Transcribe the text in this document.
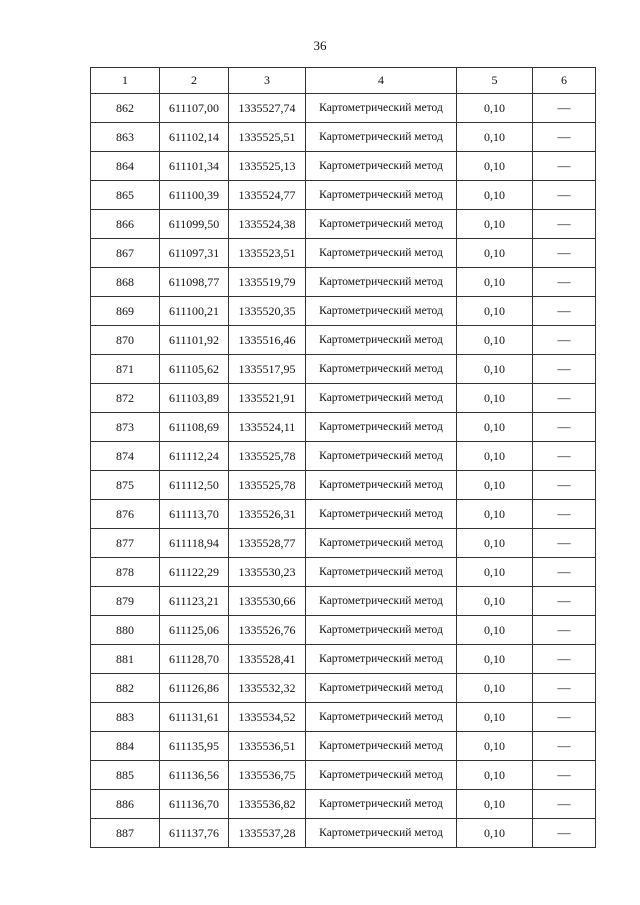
36
1	2	3	4	5	6
862	611107,00	1335527,74	Картометрический метод	0,10	—
863	611102,14	1335525,51	Картометрический метод	0,10	—
864	611101,34	1335525,13	Картометрический метод	0,10	—
865	611100,39	1335524,77	Картометрический метод	0,10	—
866	611099,50	1335524,38	Картометрический метод	0,10	—
867	611097,31	1335523,51	Картометрический метод	0,10	—
868	611098,77	1335519,79	Картометрический метод	0,10	—
869	611100,21	1335520,35	Картометрический метод	0,10	—
870	611101,92	1335516,46	Картометрический метод	0,10	—
871	611105,62	1335517,95	Картометрический метод	0,10	—
872	611103,89	1335521,91	Картометрический метод	0,10	—
873	611108,69	1335524,11	Картометрический метод	0,10	—
874	611112,24	1335525,78	Картометрический метод	0,10	—
875	611112,50	1335525,78	Картометрический метод	0,10	—
876	611113,70	1335526,31	Картометрический метод	0,10	—
877	611118,94	1335528,77	Картометрический метод	0,10	—
878	611122,29	1335530,23	Картометрический метод	0,10	—
879	611123,21	1335530,66	Картометрический метод	0,10	—
880	611125,06	1335526,76	Картометрический метод	0,10	—
881	611128,70	1335528,41	Картометрический метод	0,10	—
882	611126,86	1335532,32	Картометрический метод	0,10	—
883	611131,61	1335534,52	Картометрический метод	0,10	—
884	611135,95	1335536,51	Картометрический метод	0,10	—
885	611136,56	1335536,75	Картометрический метод	0,10	—
886	611136,70	1335536,82	Картометрический метод	0,10	—
887	611137,76	1335537,28	Картометрический метод	0,10	—
